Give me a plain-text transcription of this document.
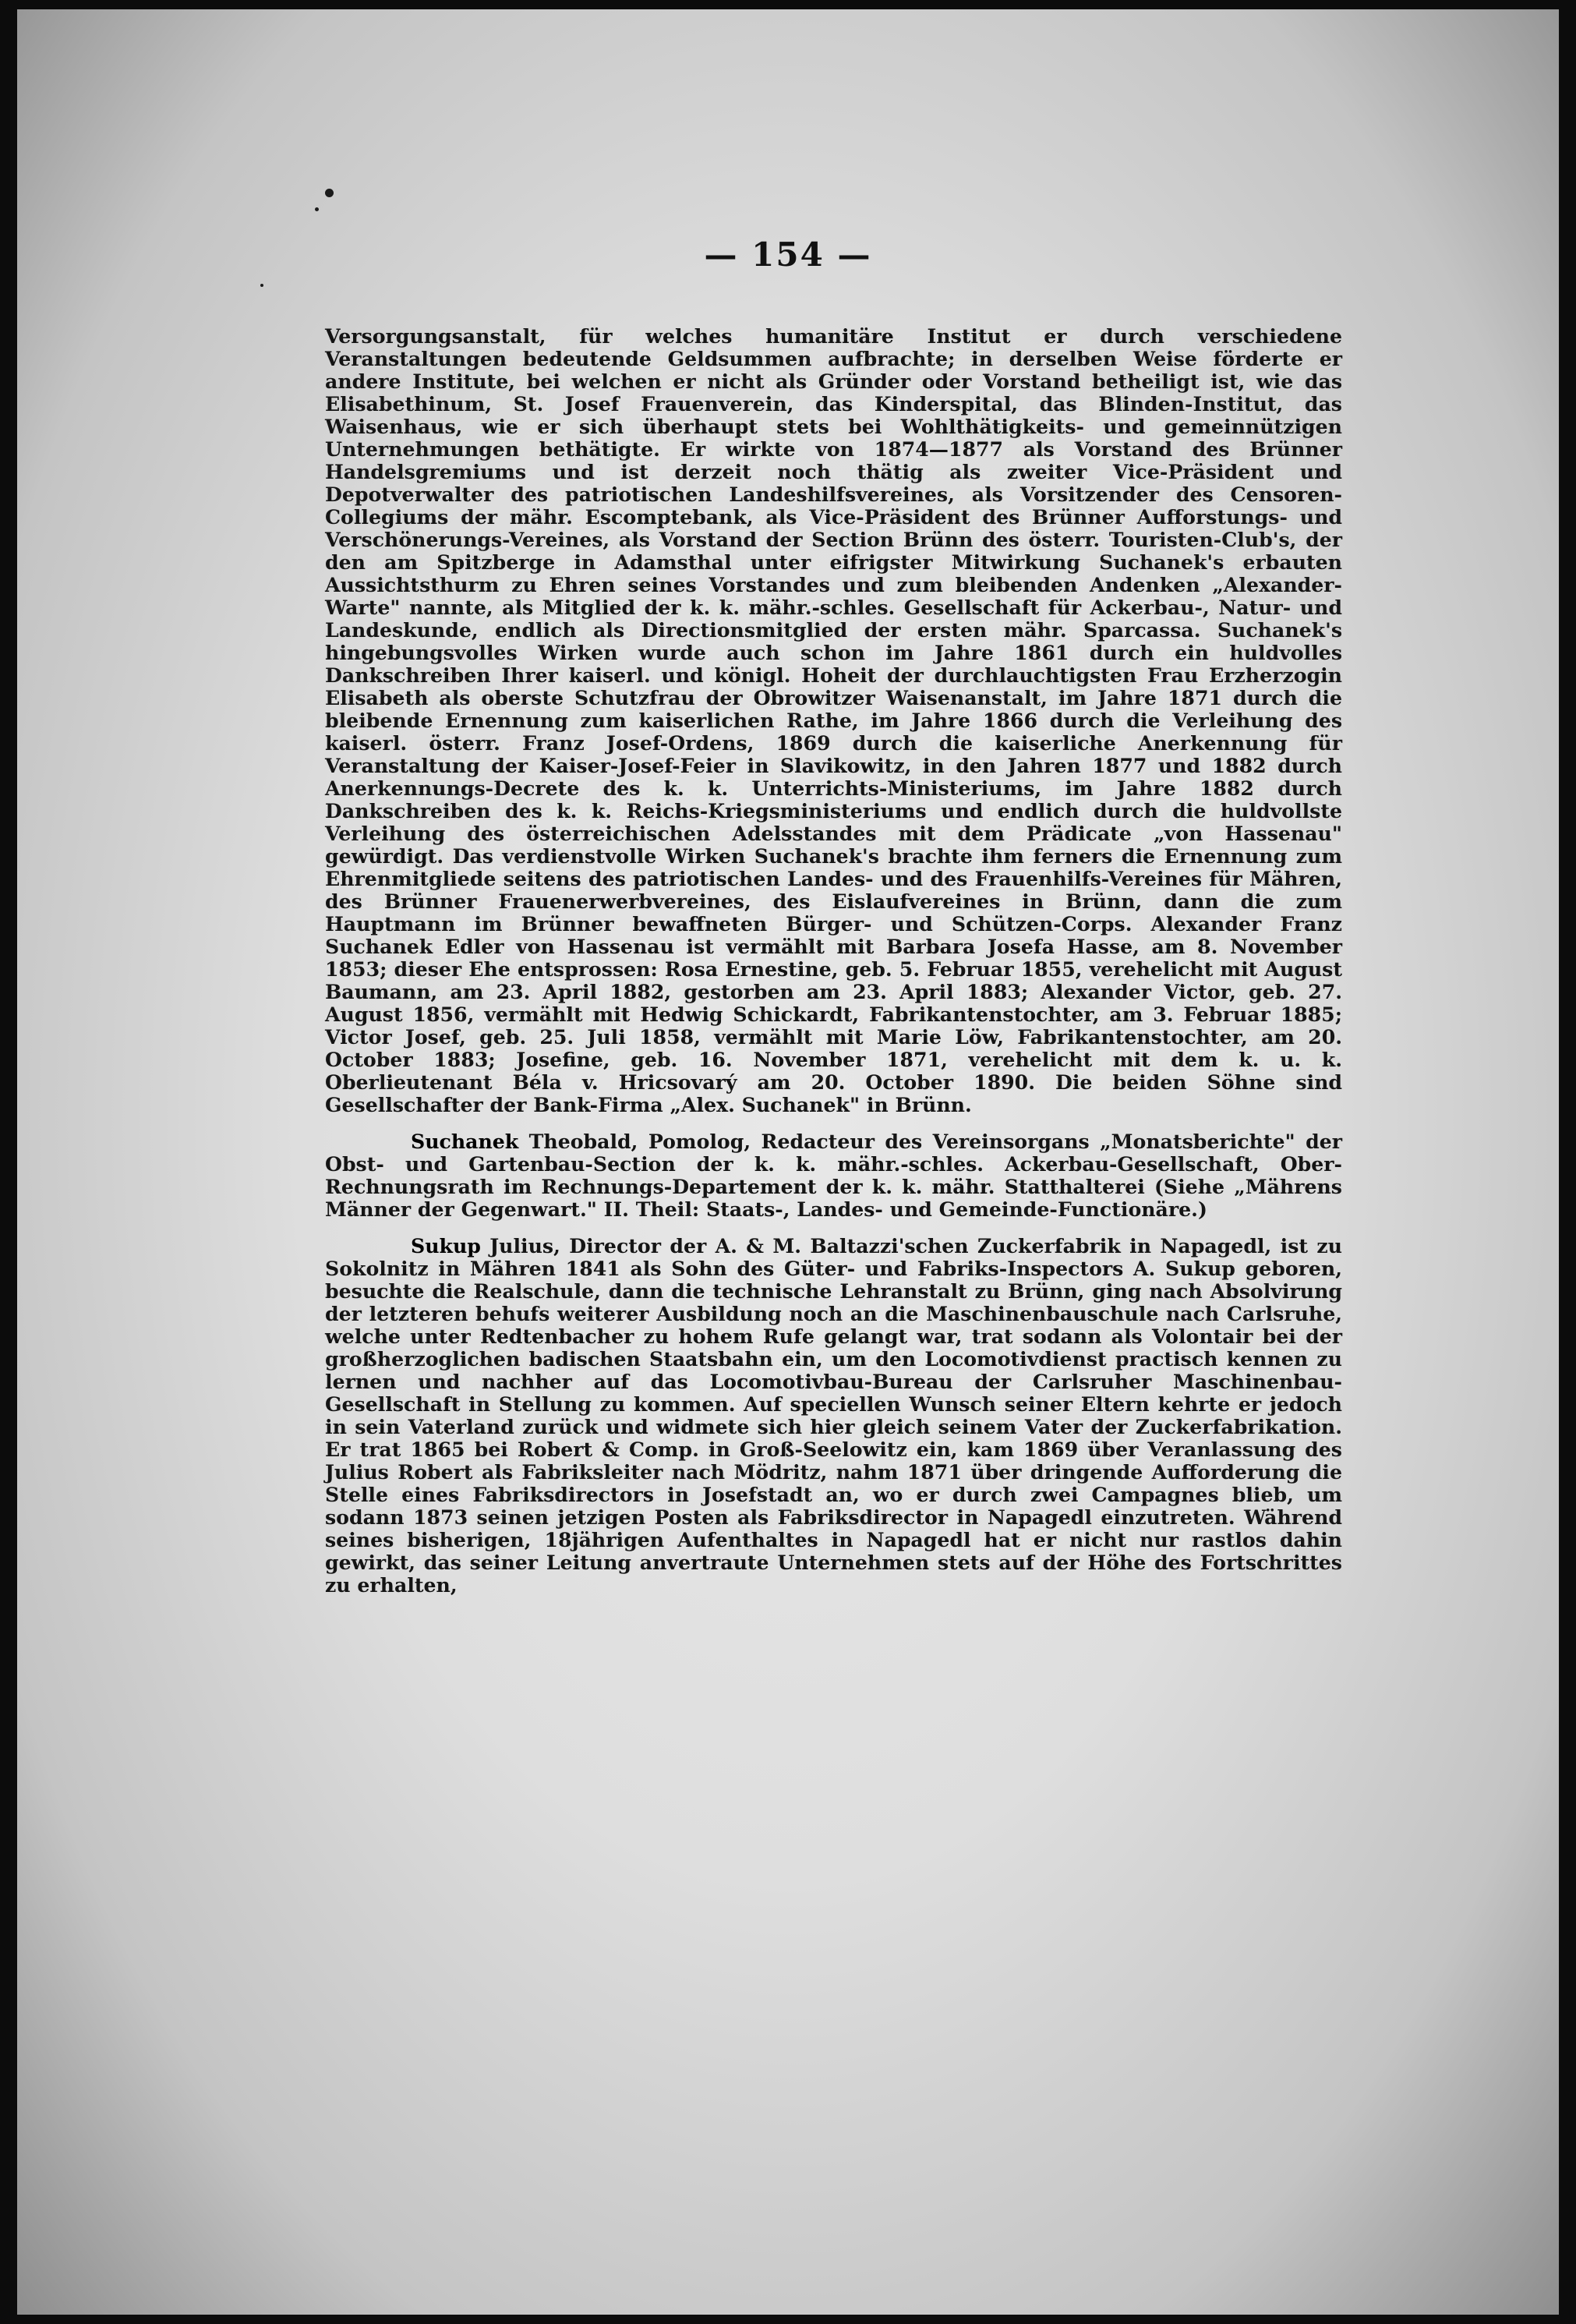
— 154 —

Versorgungsanstalt, für welches humanitäre Institut er durch verschiedene Veranstaltungen bedeutende Geldsummen aufbrachte; in derselben Weise förderte er andere Institute, bei welchen er nicht als Gründer oder Vorstand betheiligt ist, wie das Elisabethinum, St. Josef Frauenverein, das Kinderspital, das Blinden-Institut, das Waisenhaus, wie er sich überhaupt stets bei Wohlthätigkeits- und gemeinnützigen Unternehmungen bethätigte. Er wirkte von 1874—1877 als Vorstand des Brünner Handelsgremiums und ist derzeit noch thätig als zweiter Vice-Präsident und Depotverwalter des patriotischen Landeshilfsvereines, als Vorsitzender des Censoren-Collegiums der mähr. Escomptebank, als Vice-Präsident des Brünner Aufforstungs- und Verschönerungs-Vereines, als Vorstand der Section Brünn des österr. Touristen-Club's, der den am Spitzberge in Adamsthal unter eifrigster Mitwirkung Suchanek's erbauten Aussichtsthurm zu Ehren seines Vorstandes und zum bleibenden Andenken „Alexander-Warte" nannte, als Mitglied der k. k. mähr.-schles. Gesellschaft für Ackerbau-, Natur- und Landeskunde, endlich als Directionsmitglied der ersten mähr. Sparcassa. Suchanek's hingebungsvolles Wirken wurde auch schon im Jahre 1861 durch ein huldvolles Dankschreiben Ihrer kaiserl. und königl. Hoheit der durchlauchtigsten Frau Erzherzogin Elisabeth als oberste Schutzfrau der Obrowitzer Waisenanstalt, im Jahre 1871 durch die bleibende Ernennung zum kaiserlichen Rathe, im Jahre 1866 durch die Verleihung des kaiserl. österr. Franz Josef-Ordens, 1869 durch die kaiserliche Anerkennung für Veranstaltung der Kaiser-Josef-Feier in Slavikowitz, in den Jahren 1877 und 1882 durch Anerkennungs-Decrete des k. k. Unterrichts-Ministeriums, im Jahre 1882 durch Dankschreiben des k. k. Reichs-Kriegsministeriums und endlich durch die huldvollste Verleihung des österreichischen Adelsstandes mit dem Prädicate „von Hassenau" gewürdigt. Das verdienstvolle Wirken Suchanek's brachte ihm ferners die Ernennung zum Ehrenmitgliede seitens des patriotischen Landes- und des Frauenhilfs-Vereines für Mähren, des Brünner Frauenerwerbvereines, des Eislaufvereines in Brünn, dann die zum Hauptmann im Brünner bewaffneten Bürger- und Schützen-Corps. Alexander Franz Suchanek Edler von Hassenau ist vermählt mit Barbara Josefa Hasse, am 8. November 1853; dieser Ehe entsprossen: Rosa Ernestine, geb. 5. Februar 1855, verehelicht mit August Baumann, am 23. April 1882, gestorben am 23. April 1883; Alexander Victor, geb. 27. August 1856, vermählt mit Hedwig Schickardt, Fabrikantenstochter, am 3. Februar 1885; Victor Josef, geb. 25. Juli 1858, vermählt mit Marie Löw, Fabrikantenstochter, am 20. October 1883; Josefine, geb. 16. November 1871, verehelicht mit dem k. u. k. Oberlieutenant Béla v. Hricsovarý am 20. October 1890. Die beiden Söhne sind Gesellschafter der Bank-Firma „Alex. Suchanek" in Brünn.

Suchanek Theobald, Pomolog, Redacteur des Vereinsorgans „Monatsberichte" der Obst- und Gartenbau-Section der k. k. mähr.-schles. Ackerbau-Gesellschaft, Ober-Rechnungsrath im Rechnungs-Departement der k. k. mähr. Statthalterei (Siehe „Mährens Männer der Gegenwart." II. Theil: Staats-, Landes- und Gemeinde-Functionäre.)

Sukup Julius, Director der A. & M. Baltazzi'schen Zuckerfabrik in Napagedl, ist zu Sokolnitz in Mähren 1841 als Sohn des Güter- und Fabriks-Inspectors A. Sukup geboren, besuchte die Realschule, dann die technische Lehranstalt zu Brünn, ging nach Absolvirung der letzteren behufs weiterer Ausbildung noch an die Maschinenbauschule nach Carlsruhe, welche unter Redtenbacher zu hohem Rufe gelangt war, trat sodann als Volontair bei der großherzoglichen badischen Staatsbahn ein, um den Locomotivdienst practisch kennen zu lernen und nachher auf das Locomotivbau-Bureau der Carlsruher Maschinenbau-Gesellschaft in Stellung zu kommen. Auf speciellen Wunsch seiner Eltern kehrte er jedoch in sein Vaterland zurück und widmete sich hier gleich seinem Vater der Zuckerfabrikation. Er trat 1865 bei Robert & Comp. in Groß-Seelowitz ein, kam 1869 über Veranlassung des Julius Robert als Fabriksleiter nach Mödritz, nahm 1871 über dringende Aufforderung die Stelle eines Fabriksdirectors in Josefstadt an, wo er durch zwei Campagnes blieb, um sodann 1873 seinen jetzigen Posten als Fabriksdirector in Napagedl einzutreten. Während seines bisherigen, 18jährigen Aufenthaltes in Napagedl hat er nicht nur rastlos dahin gewirkt, das seiner Leitung anvertraute Unternehmen stets auf der Höhe des Fortschrittes zu erhalten,
